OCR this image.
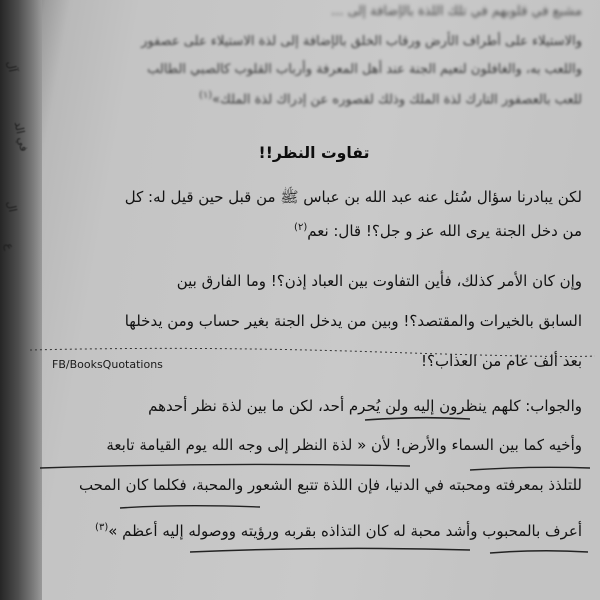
آل
في الد
ال
ع
مشبع في قلوبهم في تلك اللذة بالإضافة إلى ...
والاستيلاء على أطراف الأرض ورقاب الخلق بالإضافة إلى لذة الاستيلاء على عصفور
واللعب به، والغافلون لنعيم الجنة عند أهل المعرفة وأرباب القلوب كالصبي الطالب
للعب بالعصفور التارك لذة الملك وذلك لقصوره عن إدراك لذة الملك»$^{(١)}$
تفاوت النظر!!
لكن يبادرنا سؤال سُئل عنه عبد الله بن عباس ﷺ من قبل حين قيل له: كل
من دخل الجنة يرى الله عز و جل؟! قال: نعم$^{(٢)}$
وإن كان الأمر كذلك، فأين التفاوت بين العباد إذن؟! وما الفارق بين
السابق بالخيرات والمقتصد؟! وبين من يدخل الجنة بغير حساب ومن يدخلها
بعد ألف عام من العذاب؟!
والجواب: كلهم ينظرون إليه ولن يُحرم أحد، لكن ما بين لذة نظر أحدهم
وأخيه كما بين السماء والأرض! لأن « لذة النظر إلى وجه الله يوم القيامة تابعة
للتلذذ بمعرفته ومحبته في الدنيا، فإن اللذة تتبع الشعور والمحبة، فكلما كان المحب
أعرف بالمحبوب وأشد محبة له كان التذاذه بقربه ورؤيته ووصوله إليه أعظم »$^{(٣)}$
FB/BooksQuotations
